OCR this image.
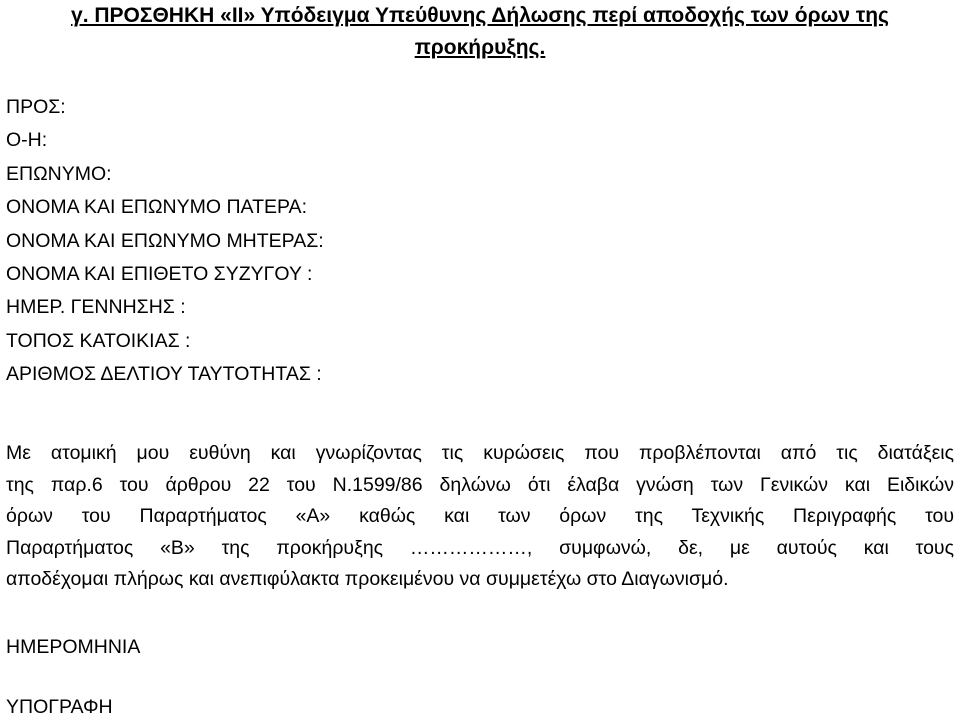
γ. ΠΡΟΣΘΗΚΗ «ΙΙ» Υπόδειγμα Υπεύθυνης Δήλωσης περί αποδοχής των όρων της
προκήρυξης.
ΠΡΟΣ:
Ο-Η:
ΕΠΩΝΥΜΟ:
ΟΝΟΜΑ ΚΑΙ ΕΠΩΝΥΜΟ ΠΑΤΕΡΑ:
ΟΝΟΜΑ ΚΑΙ ΕΠΩΝΥΜΟ ΜΗΤΕΡΑΣ:
ΟΝΟΜΑ ΚΑΙ ΕΠΙΘΕΤΟ ΣΥΖΥΓΟΥ :
ΗΜΕΡ. ΓΕΝΝΗΣΗΣ :
ΤΟΠΟΣ ΚΑΤΟΙΚΙΑΣ :
ΑΡΙΘΜΟΣ ΔΕΛΤΙΟΥ ΤΑΥΤΟΤΗΤΑΣ :
Με ατομική μου ευθύνη και γνωρίζοντας τις κυρώσεις που προβλέπονται από τις διατάξεις
της παρ.6 του άρθρου 22 του Ν.1599/86 δηλώνω ότι έλαβα γνώση των Γενικών και Ειδικών
όρων του Παραρτήματος «Α» καθώς και των όρων της Τεχνικής Περιγραφής του
Παραρτήματος «Β» της προκήρυξης ………………, συμφωνώ, δε, με αυτούς και τους
αποδέχομαι πλήρως και ανεπιφύλακτα προκειμένου να συμμετέχω στο Διαγωνισμό.
ΗΜΕΡΟΜΗΝΙΑ
ΥΠΟΓΡΑΦΗ
